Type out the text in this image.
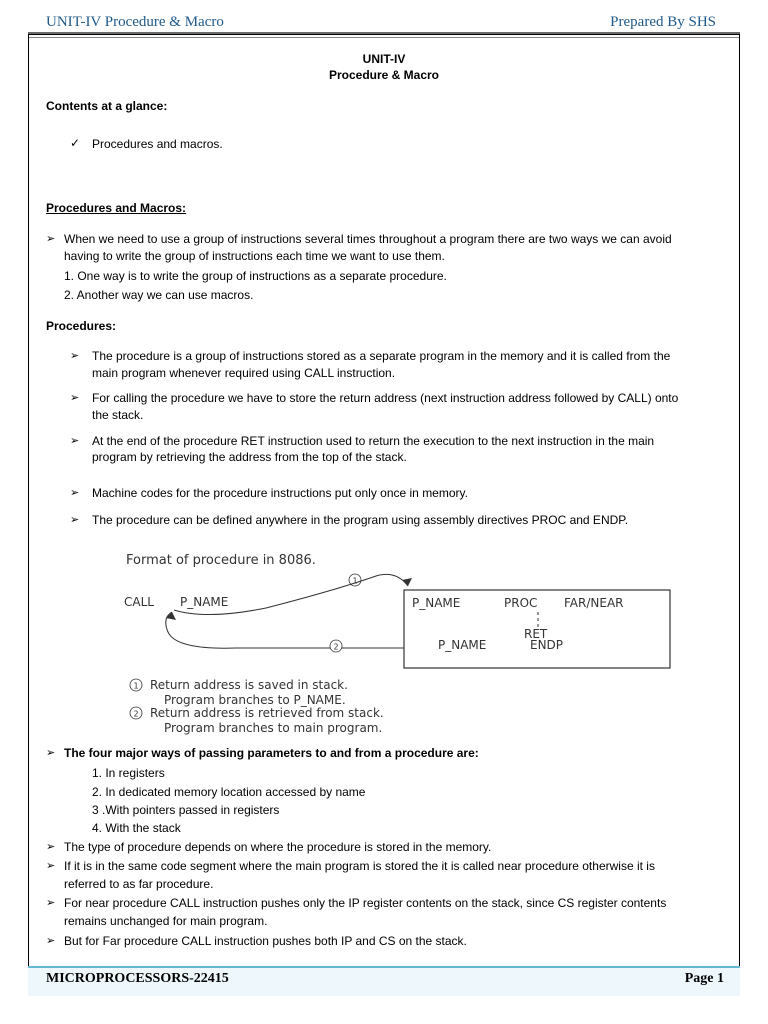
UNIT-IV Procedure & Macro	Prepared By SHS
UNIT-IV
Procedure & Macro
Contents at a glance:
✓ Procedures and macros.
Procedures and Macros:
➢ When we need to use a group of instructions several times throughout a program there are two ways we can avoid
having to write the group of instructions each time we want to use them.
1. One way is to write the group of instructions as a separate procedure.
2. Another way we can use macros.
Procedures:
➢ The procedure is a group of instructions stored as a separate program in the memory and it is called from the
main program whenever required using CALL instruction.
➢ For calling the procedure we have to store the return address (next instruction address followed by CALL) onto
the stack.
➢ At the end of the procedure RET instruction used to return the execution to the next instruction in the main
program by retrieving the address from the top of the stack.
➢ Machine codes for the procedure instructions put only once in memory.
➢ The procedure can be defined anywhere in the program using assembly directives PROC and ENDP.
Format of procedure in 8086.
CALL P_NAME
1
P_NAME	PROC FAR/NEAR
RET
P_NAME	ENDP
2
1 Return address is saved in stack.
Program branches to P_NAME.
2 Return address is retrieved from stack.
Program branches to main program.
➢ The four major ways of passing parameters to and from a procedure are:
1. In registers
2. In dedicated memory location accessed by name
3 .With pointers passed in registers
4. With the stack
➢ The type of procedure depends on where the procedure is stored in the memory.
➢ If it is in the same code segment where the main program is stored the it is called near procedure otherwise it is
referred to as far procedure.
➢ For near procedure CALL instruction pushes only the IP register contents on the stack, since CS register contents
remains unchanged for main program.
➢ But for Far procedure CALL instruction pushes both IP and CS on the stack.
MICROPROCESSORS-22415	Page 1
